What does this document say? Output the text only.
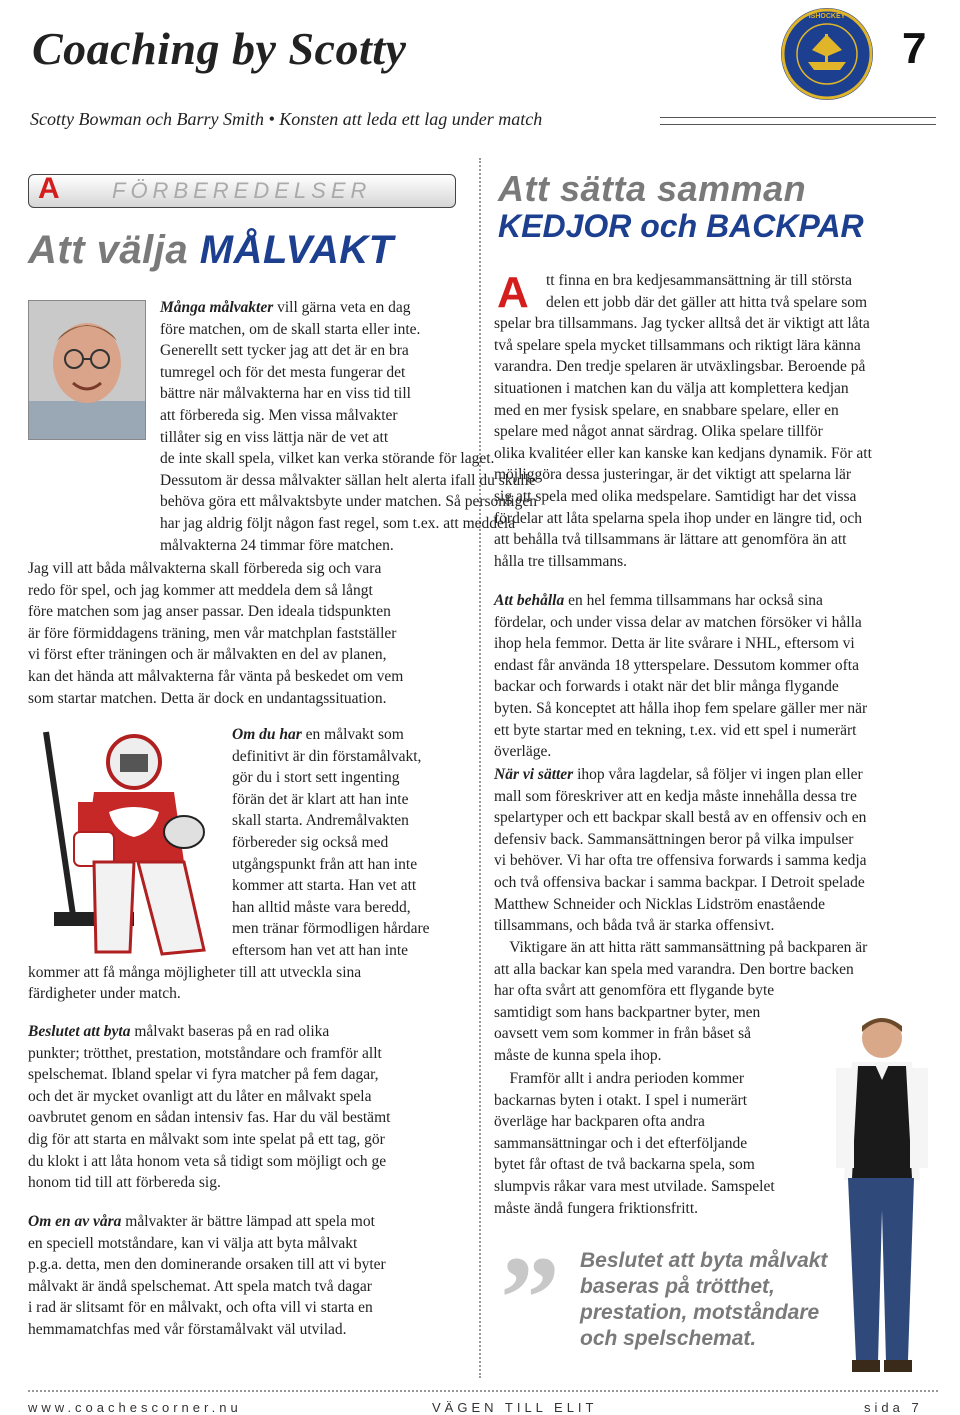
Coaching by Scotty
ISHOCKEY
7
Scotty Bowman och Barry Smith • Konsten att leda ett lag under match
A FÖRBEREDELSER
Att välja MÅLVAKT
Många målvakter vill gärna veta en dag
före matchen, om de skall starta eller inte.
Generellt sett tycker jag att det är en bra
tumregel och för det mesta fungerar det
bättre när målvakterna har en viss tid till
att förbereda sig. Men vissa målvakter
tillåter sig en viss lättja när de vet att
de inte skall spela, vilket kan verka störande för laget.
Dessutom är dessa målvakter sällan helt alerta ifall du skulle
behöva göra ett målvaktsbyte under matchen. Så personligen
har jag aldrig följt någon fast regel, som t.ex. att meddela
målvakterna 24 timmar före matchen.
Jag vill att båda målvakterna skall förbereda sig och vara
redo för spel, och jag kommer att meddela dem så långt
före matchen som jag anser passar. Den ideala tidspunkten
är före förmiddagens träning, men vår matchplan fastställer
vi först efter träningen och är målvakten en del av planen,
kan det hända att målvakterna får vänta på beskedet om vem
som startar matchen. Detta är dock en undantagssituation.
Om du har en målvakt som
definitivt är din förstamålvakt,
gör du i stort sett ingenting
förän det är klart att han inte
skall starta. Andremålvakten
förbereder sig också med
utgångspunkt från att han inte
kommer att starta. Han vet att
han alltid måste vara beredd,
men tränar förmodligen hårdare
eftersom han vet att han inte
kommer att få många möjligheter till att utveckla sina
färdigheter under match.
Beslutet att byta målvakt baseras på en rad olika
punkter; trötthet, prestation, motståndare och framför allt
spelschemat. Ibland spelar vi fyra matcher på fem dagar,
och det är mycket ovanligt att du låter en målvakt spela
oavbrutet genom en sådan intensiv fas. Har du väl bestämt
dig för att starta en målvakt som inte spelat på ett tag, gör
du klokt i att låta honom veta så tidigt som möjligt och ge
honom tid till att förbereda sig.
Om en av våra målvakter är bättre lämpad att spela mot
en speciell motståndare, kan vi välja att byta målvakt
p.g.a. detta, men den dominerande orsaken till att vi byter
målvakt är ändå spelschemat. Att spela match två dagar
i rad är slitsamt för en målvakt, och ofta vill vi starta en
hemmamatchfas med vår förstamålvakt väl utvilad.
Att sätta samman
KEDJOR och BACKPAR
A	tt finna en bra kedjesammansättning är till största
delen ett jobb där det gäller att hitta två spelare som
spelar bra tillsammans. Jag tycker alltså det är viktigt att låta
två spelare spela mycket tillsammans och riktigt lära känna
varandra. Den tredje spelaren är utväxlingsbar. Beroende på
situationen i matchen kan du välja att komplettera kedjan
med en mer fysisk spelare, en snabbare spelare, eller en
spelare med något annat särdrag. Olika spelare tillför
olika kvalitéer eller kan kanske kan kedjans dynamik. För att
möjliggöra dessa justeringar, är det viktigt att spelarna lär
sig att spela med olika medspelare. Samtidigt har det vissa
fördelar att låta spelarna spela ihop under en längre tid, och
att behålla två tillsammans är lättare att genomföra än att
hålla tre tillsammans.
Att behålla en hel femma tillsammans har också sina
fördelar, och under vissa delar av matchen försöker vi hålla
ihop hela femmor. Detta är lite svårare i NHL, eftersom vi
endast får använda 18 ytterspelare. Dessutom kommer ofta
backar och forwards i otakt när det blir många flygande
byten. Så konceptet att hålla ihop fem spelare gäller mer när
ett byte startar med en tekning, t.ex. vid ett spel i numerärt
överläge.
När vi sätter ihop våra lagdelar, så följer vi ingen plan eller
mall som föreskriver att en kedja måste innehålla dessa tre
spelartyper och ett backpar skall bestå av en offensiv och en
defensiv back. Sammansättningen beror på vilka impulser
vi behöver. Vi har ofta tre offensiva forwards i samma kedja
och två offensiva backar i samma backpar. I Detroit spelade
Matthew Schneider och Nicklas Lidström enastående
tillsammans, och båda två är starka offensivt.
Viktigare än att hitta rätt sammansättning på backparen är
att alla backar kan spela med varandra. Den bortre backen
har ofta svårt att genomföra ett flygande byte
samtidigt som hans backpartner byter, men
oavsett vem som kommer in från båset så
måste de kunna spela ihop.
Framför allt i andra perioden kommer
backarnas byten i otakt. I spel i numerärt
överläge har backparen ofta andra
sammansättningar och i det efterföljande
bytet får oftast de två backarna spela, som
slumpvis råkar vara mest utvilade. Samspelet
måste ändå fungera friktionsfritt.
” Beslutet att byta målvakt baseras på trötthet, prestation, motståndare och spelschemat.
www.coachescorner.nu	VÄGEN TILL ELIT	sida 7
